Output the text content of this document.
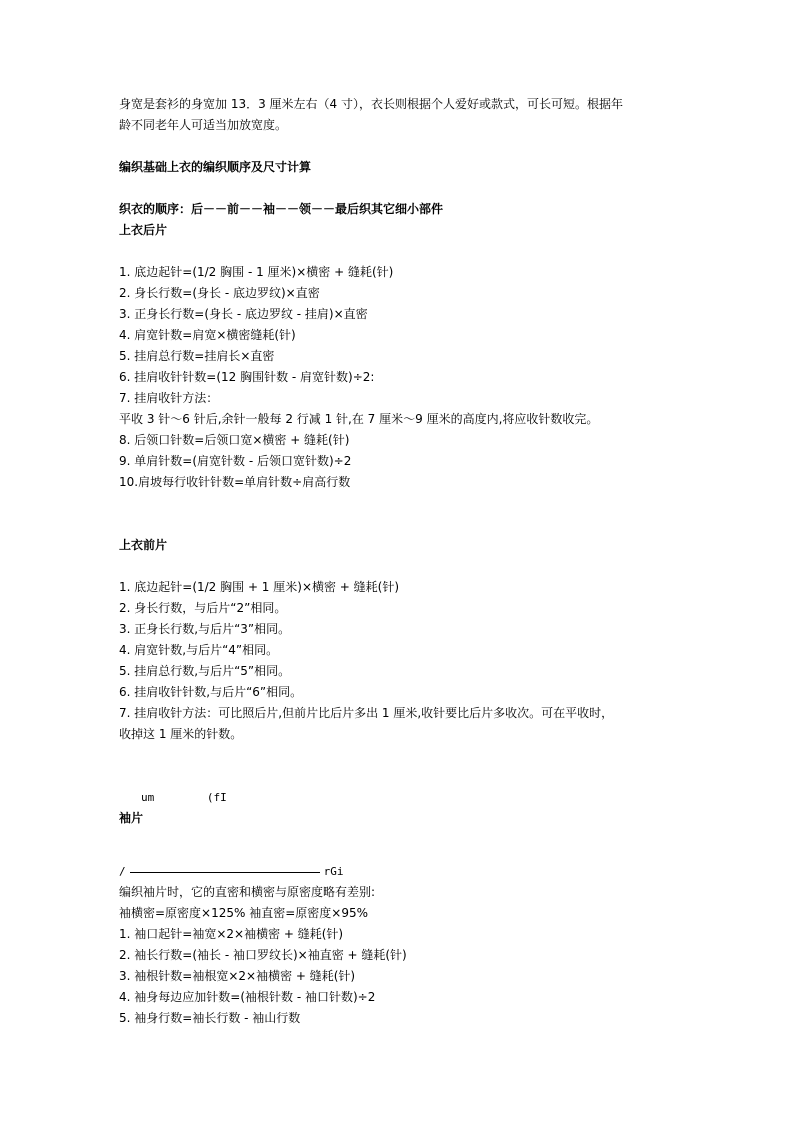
身宽是套衫的身宽加 13．3 厘米左右（4 寸），衣长则根据个人爱好或款式，可长可短。根据年
龄不同老年人可适当加放宽度。
编织基础上衣的编织顺序及尺寸计算
织衣的顺序：后－－前－－袖－－领－－最后织其它细小部件
上衣后片
1. 底边起针=(1/2 胸围 - 1 厘米)×横密 + 缝耗(针)
2. 身长行数=(身长 - 底边罗纹)×直密
3. 正身长行数=(身长 - 底边罗纹 - 挂肩)×直密
4. 肩宽针数=肩宽×横密缝耗(针)
5. 挂肩总行数=挂肩长×直密
6. 挂肩收针针数=(12 胸围针数 - 肩宽针数)÷2:
7. 挂肩收针方法：
平收 3 针～6 针后,余针一般每 2 行减 1 针,在 7 厘米～9 厘米的高度内,将应收针数收完。
8. 后领口针数=后领口宽×横密 + 缝耗(针)
9. 单肩针数=(肩宽针数 - 后领口宽针数)÷2
10.肩坡每行收针针数=单肩针数÷肩高行数
上衣前片
1. 底边起针=(1/2 胸围 + 1 厘米)×横密 + 缝耗(针)
2. 身长行数，与后片“2”相同。
3. 正身长行数,与后片“3”相同。
4. 肩宽针数,与后片“4”相同。
5. 挂肩总行数,与后片“5”相同。
6. 挂肩收针针数,与后片“6”相同。
7. 挂肩收针方法：可比照后片,但前片比后片多出 1 厘米,收针要比后片多收次。可在平收时，
收掉这 1 厘米的针数。
um	(fI
袖片
/	rGi
编织袖片时，它的直密和横密与原密度略有差别:
袖横密=原密度×125% 袖直密=原密度×95%
1. 袖口起针=袖宽×2×袖横密 + 缝耗(针)
2. 袖长行数=(袖长 - 袖口罗纹长)×袖直密 + 缝耗(针)
3. 袖根针数=袖根宽×2×袖横密 + 缝耗(针)
4. 袖身每边应加针数=(袖根针数 - 袖口针数)÷2
5. 袖身行数=袖长行数 - 袖山行数
